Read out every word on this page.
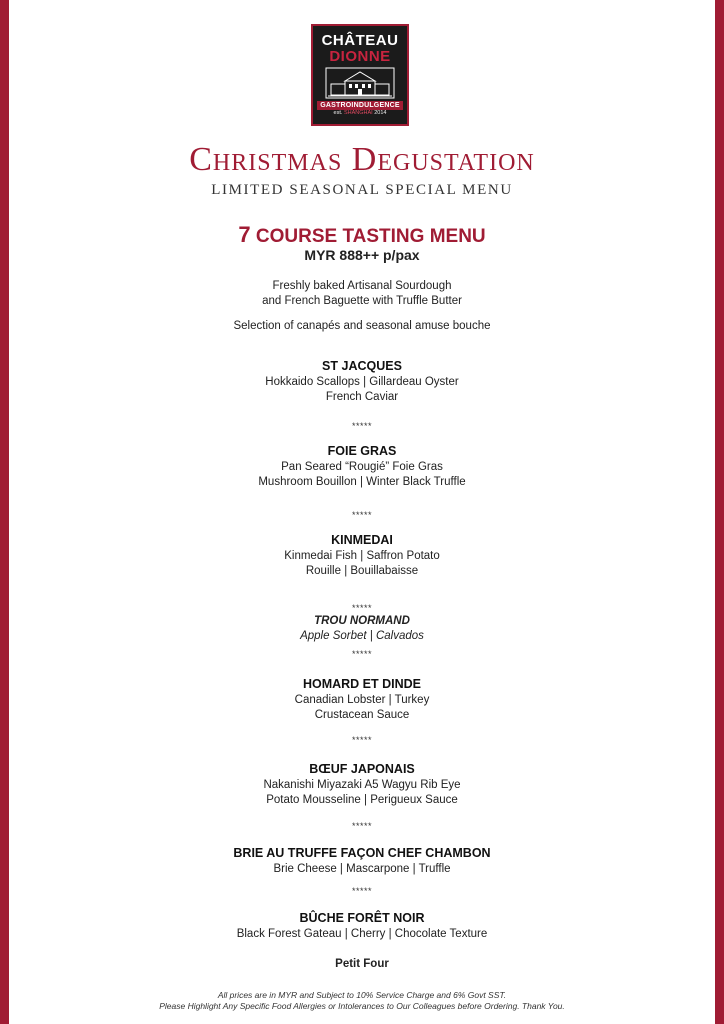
CHÂTEAU
DIONNE
GASTROINDULGENCE
est. SHANGHAI 2014
Christmas Degustation
LIMITED SEASONAL SPECIAL MENU
7 COURSE TASTING MENU
MYR 888++ p/pax
Freshly baked Artisanal Sourdough
and French Baguette with Truffle Butter
Selection of canapés and seasonal amuse bouche
ST JACQUES
Hokkaido Scallops | Gillardeau Oyster
French Caviar
*****
FOIE GRAS
Pan Seared “Rougié” Foie Gras
Mushroom Bouillon | Winter Black Truffle
*****
KINMEDAI
Kinmedai Fish | Saffron Potato
Rouille | Bouillabaisse
*****
TROU NORMAND
Apple Sorbet | Calvados
*****
HOMARD ET DINDE
Canadian Lobster | Turkey
Crustacean Sauce
*****
BŒUF JAPONAIS
Nakanishi Miyazaki A5 Wagyu Rib Eye
Potato Mousseline | Perigueux Sauce
*****
BRIE AU TRUFFE FAÇON CHEF CHAMBON
Brie Cheese | Mascarpone | Truffle
*****
BÛCHE FORÊT NOIR
Black Forest Gateau | Cherry | Chocolate Texture
Petit Four
All prices are in MYR and Subject to 10% Service Charge and 6% Govt SST.
Please Highlight Any Specific Food Allergies or Intolerances to Our Colleagues before Ordering. Thank You.
